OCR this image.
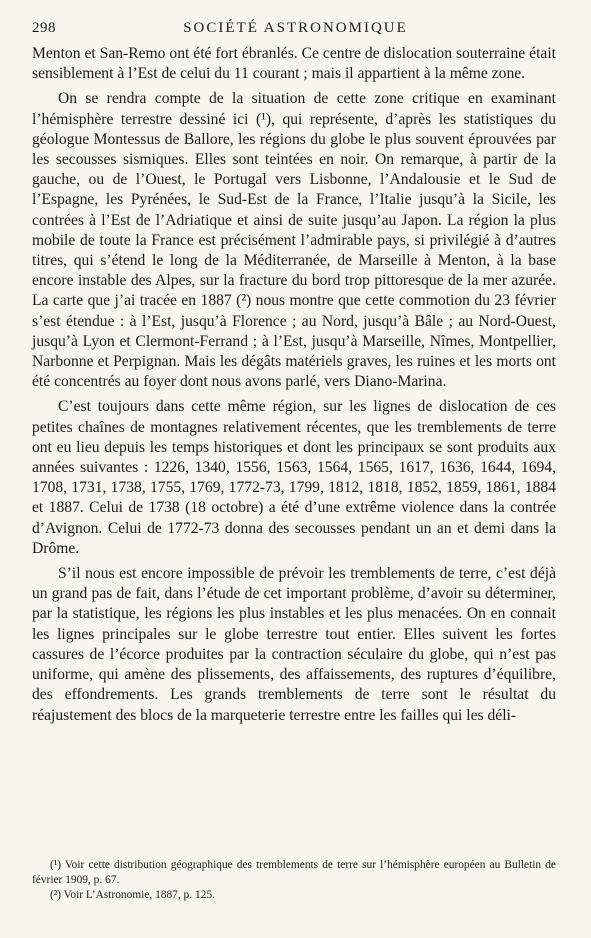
298	SOCIÉTÉ ASTRONOMIQUE

Menton et San-Remo ont été fort ébranlés. Ce centre de dislocation souterraine était sensiblement à l’Est de celui du 11 courant ; mais il appartient à la même zone.

On se rendra compte de la situation de cette zone critique en examinant l’hémisphère terrestre dessiné ici (¹), qui représente, d’après les statistiques du géologue Montessus de Ballore, les régions du globe le plus souvent éprouvées par les secousses sismiques. Elles sont teintées en noir. On remarque, à partir de la gauche, ou de l’Ouest, le Portugal vers Lisbonne, l’Andalousie et le Sud de l’Espagne, les Pyrénées, le Sud-Est de la France, l’Italie jusqu’à la Sicile, les contrées à l’Est de l’Adriatique et ainsi de suite jusqu’au Japon. La région la plus mobile de toute la France est précisément l’admirable pays, si privilégié à d’autres titres, qui s’étend le long de la Méditerranée, de Marseille à Menton, à la base encore instable des Alpes, sur la fracture du bord trop pittoresque de la mer azurée. La carte que j’ai tracée en 1887 (²) nous montre que cette commotion du 23 février s’est étendue : à l’Est, jusqu’à Florence ; au Nord, jusqu’à Bâle ; au Nord-Ouest, jusqu’à Lyon et Clermont-Ferrand ; à l’Est, jusqu’à Marseille, Nîmes, Montpellier, Narbonne et Perpignan. Mais les dégâts matériels graves, les ruines et les morts ont été concentrés au foyer dont nous avons parlé, vers Diano-Marina.

C’est toujours dans cette même région, sur les lignes de dislocation de ces petites chaînes de montagnes relativement récentes, que les tremblements de terre ont eu lieu depuis les temps historiques et dont les principaux se sont produits aux années suivantes : 1226, 1340, 1556, 1563, 1564, 1565, 1617, 1636, 1644, 1694, 1708, 1731, 1738, 1755, 1769, 1772-73, 1799, 1812, 1818, 1852, 1859, 1861, 1884 et 1887. Celui de 1738 (18 octobre) a été d’une extrême violence dans la contrée d’Avignon. Celui de 1772-73 donna des secousses pendant un an et demi dans la Drôme.

S’il nous est encore impossible de prévoir les tremblements de terre, c’est déjà un grand pas de fait, dans l’étude de cet important problème, d’avoir su déterminer, par la statistique, les régions les plus instables et les plus menacées. On en connait les lignes principales sur le globe terrestre tout entier. Elles suivent les fortes cassures de l’écorce produites par la contraction séculaire du globe, qui n’est pas uniforme, qui amène des plissements, des affaissements, des ruptures d’équilibre, des effondrements. Les grands tremblements de terre sont le résultat du réajustement des blocs de la marqueterie terrestre entre les failles qui les déli-

(¹) Voir cette distribution géographique des tremblements de terre sur l’hémisphère européen au Bulletin de février 1909, p. 67.

(²) Voir L’Astronomie, 1887, p. 125.
